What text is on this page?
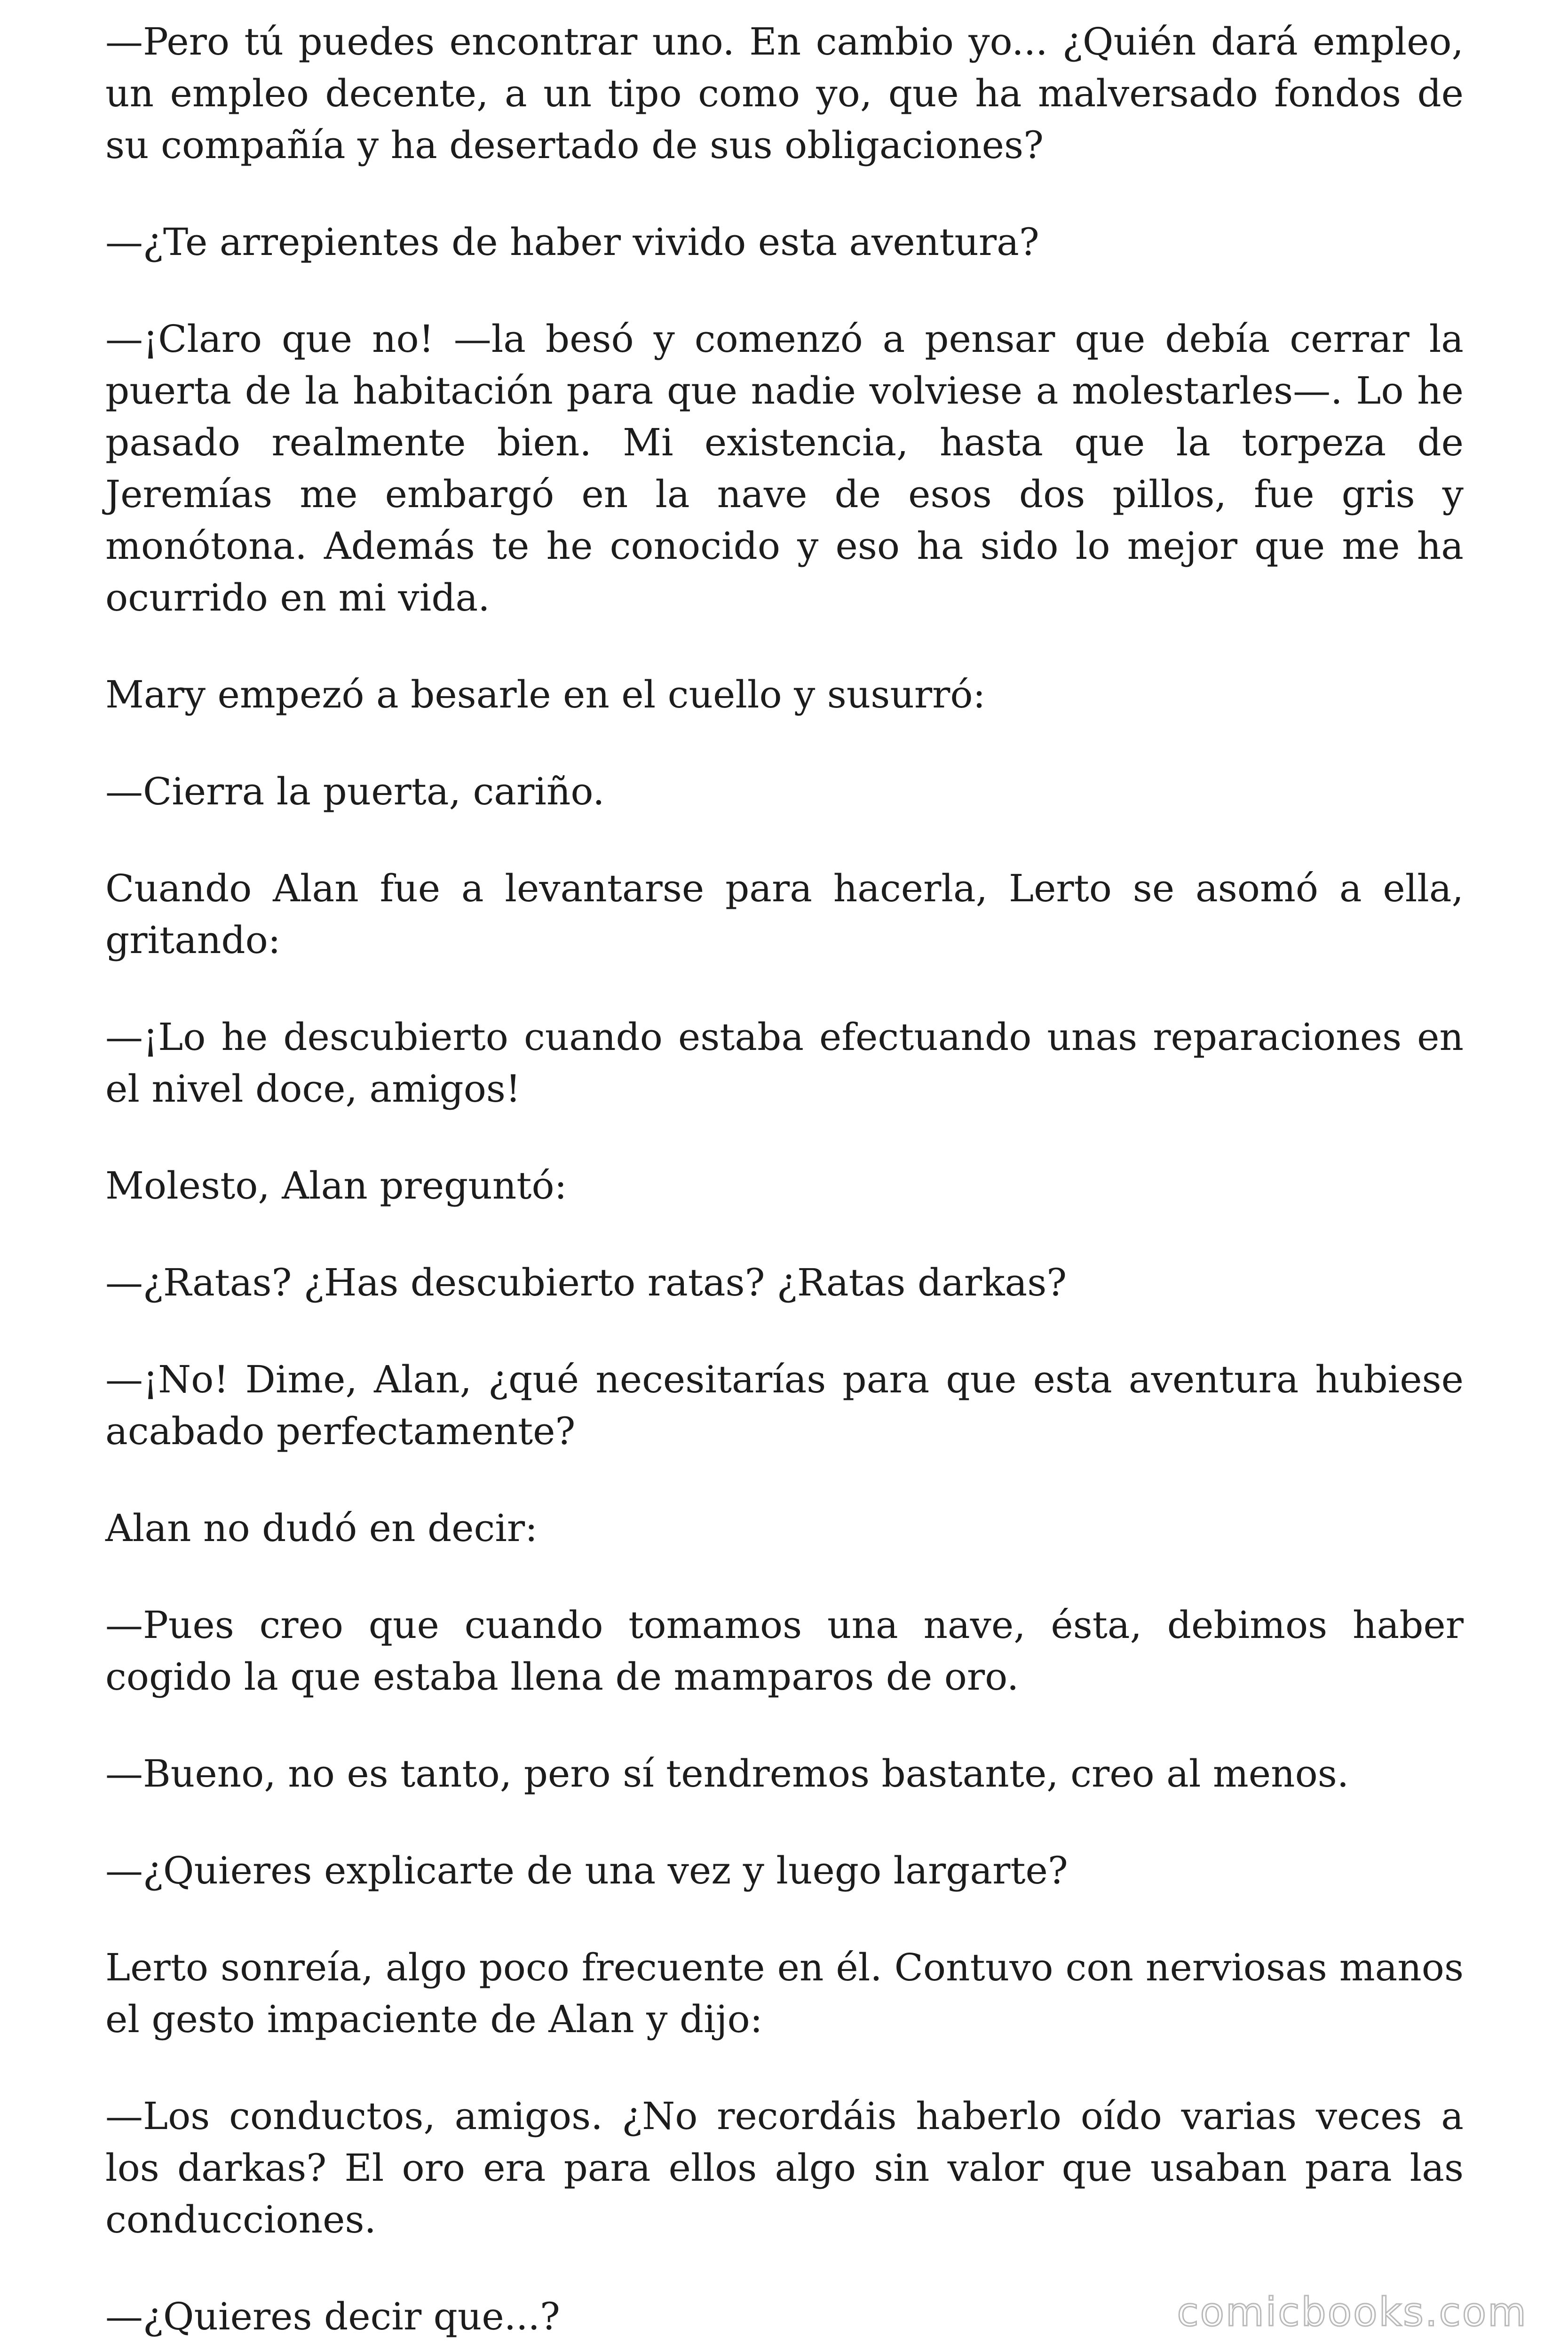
—Pero tú puedes encontrar uno. En cambio yo... ¿Quién dará empleo, un empleo decente, a un tipo como yo, que ha malversado fondos de su compañía y ha desertado de sus obligaciones?

—¿Te arrepientes de haber vivido esta aventura?

—¡Claro que no! —la besó y comenzó a pensar que debía cerrar la puerta de la habitación para que nadie volviese a molestarles—. Lo he pasado realmente bien. Mi existencia, hasta que la torpeza de Jeremías me embargó en la nave de esos dos pillos, fue gris y monótona. Además te he conocido y eso ha sido lo mejor que me ha ocurrido en mi vida.

Mary empezó a besarle en el cuello y susurró:

—Cierra la puerta, cariño.

Cuando Alan fue a levantarse para hacerla, Lerto se asomó a ella, gritando:

—¡Lo he descubierto cuando estaba efectuando unas reparaciones en el nivel doce, amigos!

Molesto, Alan preguntó:

—¿Ratas? ¿Has descubierto ratas? ¿Ratas darkas?

—¡No! Dime, Alan, ¿qué necesitarías para que esta aventura hubiese acabado perfectamente?

Alan no dudó en decir:

—Pues creo que cuando tomamos una nave, ésta, debimos haber cogido la que estaba llena de mamparos de oro.

—Bueno, no es tanto, pero sí tendremos bastante, creo al menos.

—¿Quieres explicarte de una vez y luego largarte?

Lerto sonreía, algo poco frecuente en él. Contuvo con nerviosas manos el gesto impaciente de Alan y dijo:

—Los conductos, amigos. ¿No recordáis haberlo oído varias veces a los darkas? El oro era para ellos algo sin valor que usaban para las conducciones.

—¿Quieres decir que...?	comicbooks.com
